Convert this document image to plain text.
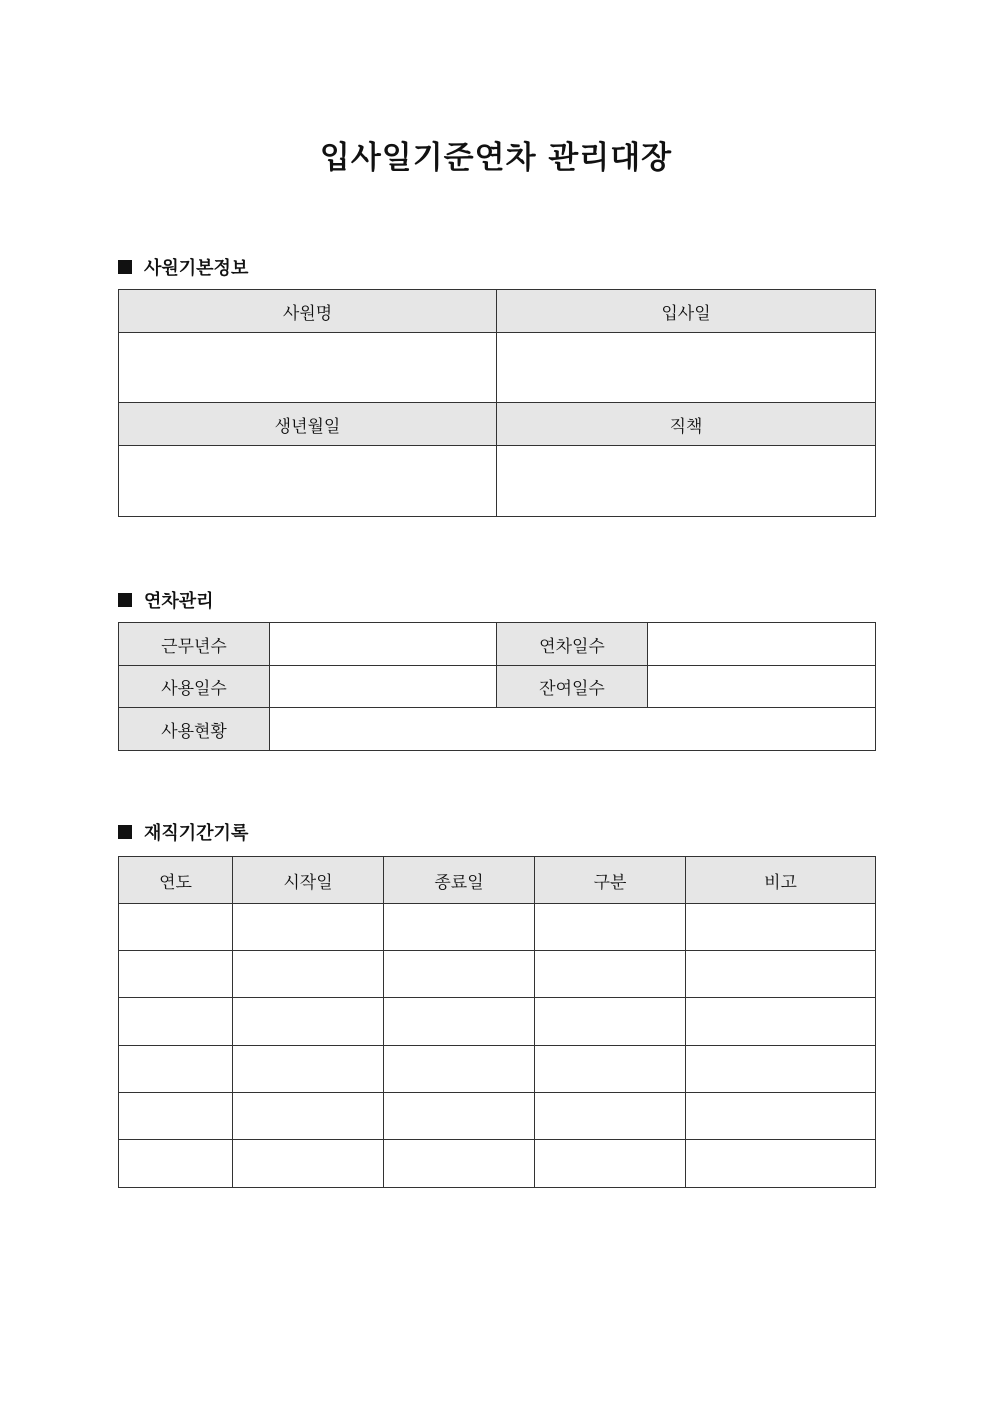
입사일기준연차 관리대장
사원기본정보
사원명	입사일

생년월일	직책

연차관리
근무년수		연차일수	
사용일수		잔여일수	
사용현황			
재직기간기록
연도	시작일	종료일	구분	비고
